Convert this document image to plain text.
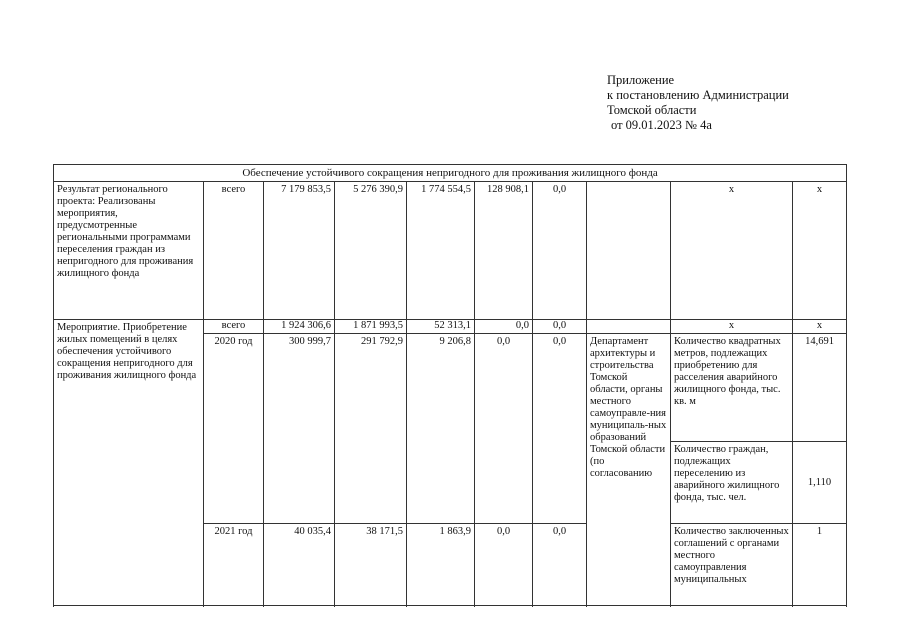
Приложение
к постановлению Администрации
Томской области
от 09.01.2023 № 4а
Обеспечение устойчивого сокращения непригодного для проживания жилищного фонда									
Результат регионального проекта: Реализованы мероприятия, предусмотренные региональными программами переселения граждан из непригодного для проживания жилищного фонда	всего	7 179 853,5	5 276 390,9	1 774 554,5	128 908,1	0,0		х	х
Мероприятие. Приобретение жилых помещений в целях обеспечения устойчивого сокращения непригодного для проживания жилищного фонда	всего	1 924 306,6	1 871 993,5	52 313,1	0,0	0,0		х	х
	2020 год	300 999,7	291 792,9	9 206,8	0,0	0,0	Департамент архитектуры и строительства Томской области, органы местного самоуправле-ния муниципаль-ных образований Томской области (по согласованию	Количество квадратных метров, подлежащих приобретению для расселения аварийного жилищного фонда, тыс. кв. м	14,691
								Количество граждан, подлежащих переселению из аварийного жилищного фонда, тыс. чел.	1,110
	2021 год	40 035,4	38 171,5	1 863,9	0,0	0,0		Количество заключенных соглашений с органами местного самоуправления муниципальных	1
